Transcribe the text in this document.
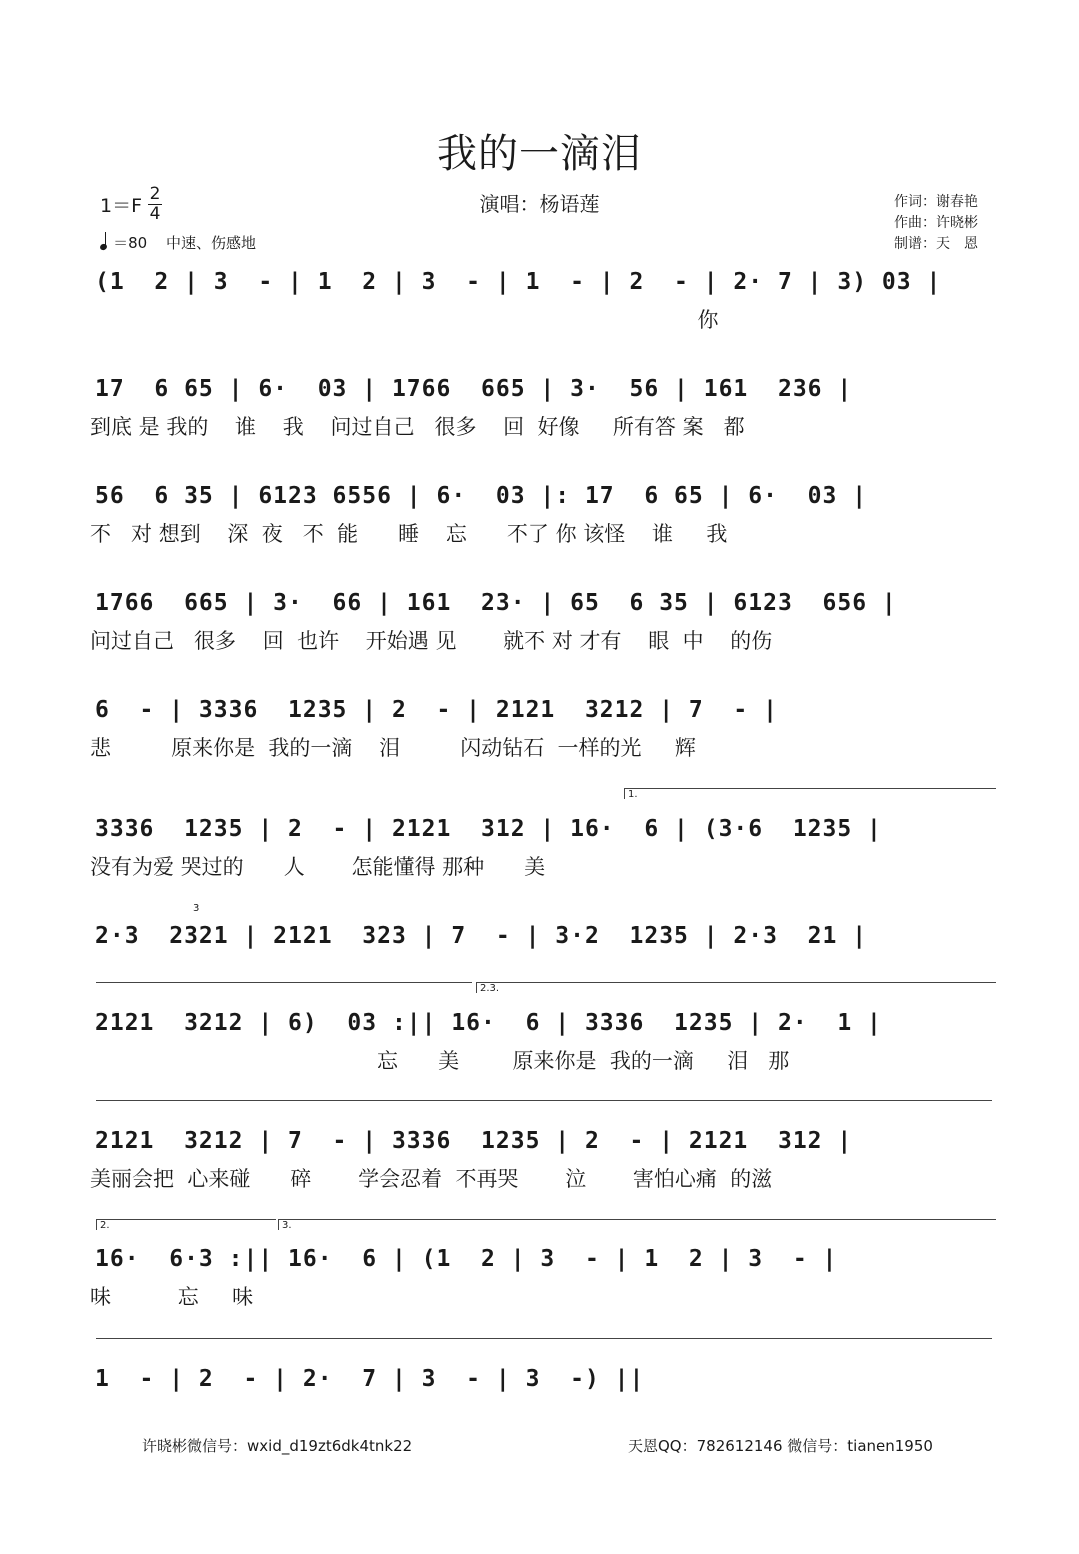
我的一滴泪
$1=F \frac{2}{4}$
＝80 中速、伤感地
演唱：杨语莲	作词：谢春艳
作曲：许晓彬
制谱：天　恩
(1  2 | 3  - | 1  2 | 3  - | 1  - | 2  - | 2· 7 | 3) 03 |
你
17  6 65 | 6·  03 | 1766  665 | 3·  56 | 161  236 |
到底 是 我的    谁    我    问过自己   很多    回  好像     所有答 案   都
56  6 35 | 6123 6556 | 6·  03 |: 17  6 65 | 6·  03 |
不   对 想到    深  夜   不  能      睡    忘      不了 你 该怪    谁     我
1766  665 | 3·  66 | 161  23· | 65  6 35 | 6123  656 |
问过自己   很多    回  也许    开始遇 见       就不 对 才有    眼  中    的伤
6  - | 3336  1235 | 2  - | 2121  3212 | 7  - |
悲         原来你是  我的一滴    泪         闪动钻石  一样的光     辉
1.
3336  1235 | 2  - | 2121  312 | 16·  6 | (3·6  1235 |
没有为爱 哭过的      人       怎能懂得 那种      美
3
2·3  2321 | 2121  323 | 7  - | 3·2  1235 | 2·3  21 |
2.3.
2121  3212 | 6)  03 :|| 16·  6 | 3336  1235 | 2·  1 |
忘      美        原来你是  我的一滴     泪   那
2121  3212 | 7  - | 3336  1235 | 2  - | 2121  312 |
美丽会把  心来碰      碎       学会忍着  不再哭       泣       害怕心痛  的滋
2.	3.
16·  6·3 :|| 16·  6 | (1  2 | 3  - | 1  2 | 3  - |
味          忘     味
1  - | 2  - | 2·  7 | 3  - | 3  -) ||
许晓彬微信号：wxid_d19zt6dk4tnk22	天恩QQ：782612146 微信号：tianen1950
